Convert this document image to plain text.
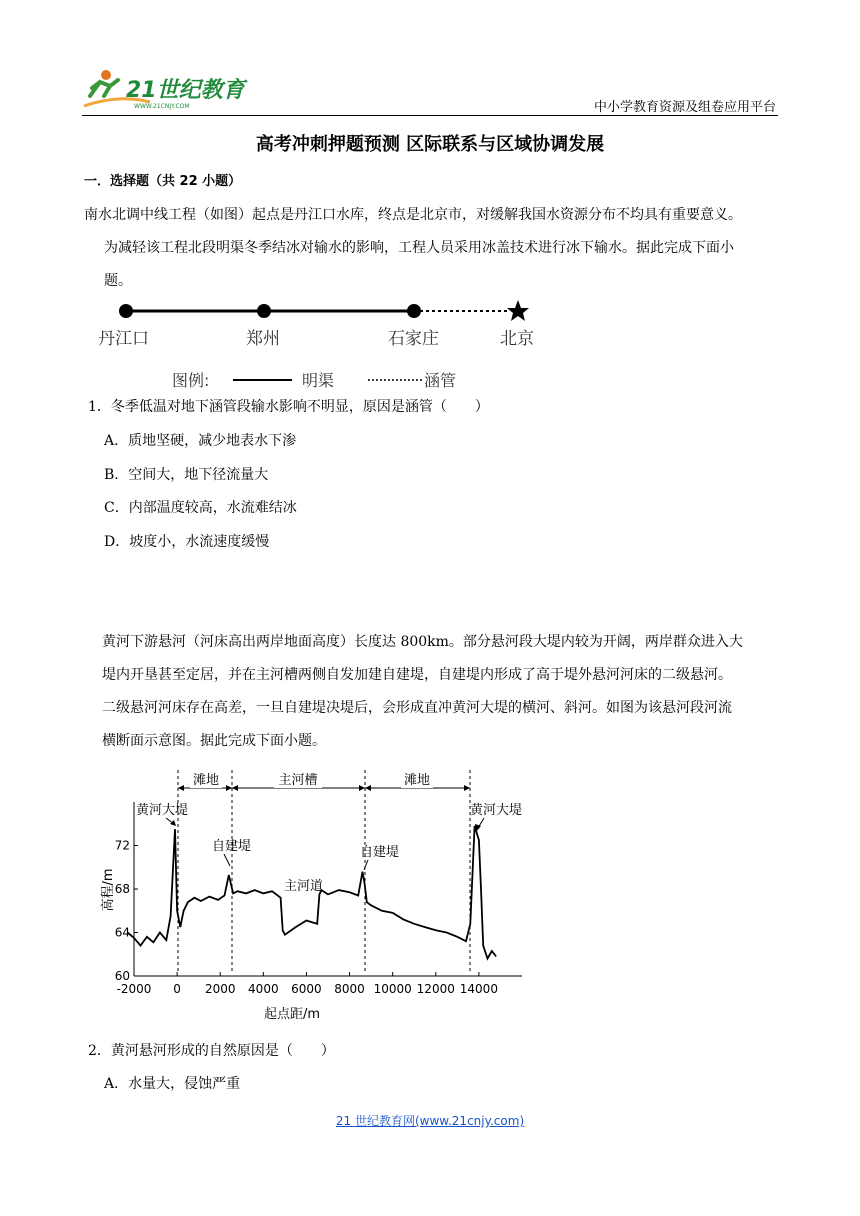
21世纪教育
WWW.21CNJY.COM	中小学教育资源及组卷应用平台
高考冲刺押题预测 区际联系与区域协调发展
一．选择题（共 22 小题）
南水北调中线工程（如图）起点是丹江口水库，终点是北京市，对缓解我国水资源分布不均具有重要意义。
为减轻该工程北段明渠冬季结冰对输水的影响，工程人员采用冰盖技术进行冰下输水。据此完成下面小
题。
丹江口	郑州	石家庄	北京
图例:	明渠	涵管
1．冬季低温对地下涵管段输水影响不明显，原因是涵管（　　）
A．质地坚硬，减少地表水下渗
B．空间大，地下径流量大
C．内部温度较高，水流难结冰
D．坡度小，水流速度缓慢
黄河下游悬河（河床高出两岸地面高度）长度达 800km。部分悬河段大堤内较为开阔，两岸群众进入大
堤内开垦甚至定居，并在主河槽两侧自发加建自建堤，自建堤内形成了高于堤外悬河河床的二级悬河。
二级悬河河床存在高差，一旦自建堤决堤后，会形成直冲黄河大堤的横河、斜河。如图为该悬河段河流
横断面示意图。据此完成下面小题。
滩地	主河槽	滩地
-2000 0 2000 4000 6000 8000 10000 12000 14000
60
64
68
72
黄河大堤
自建堤
主河道
自建堤
黄河大堤
起点距/m
高程/m
2．黄河悬河形成的自然原因是（　　）
A．水量大，侵蚀严重
21 世纪教育网(www.21cnjy.com)
